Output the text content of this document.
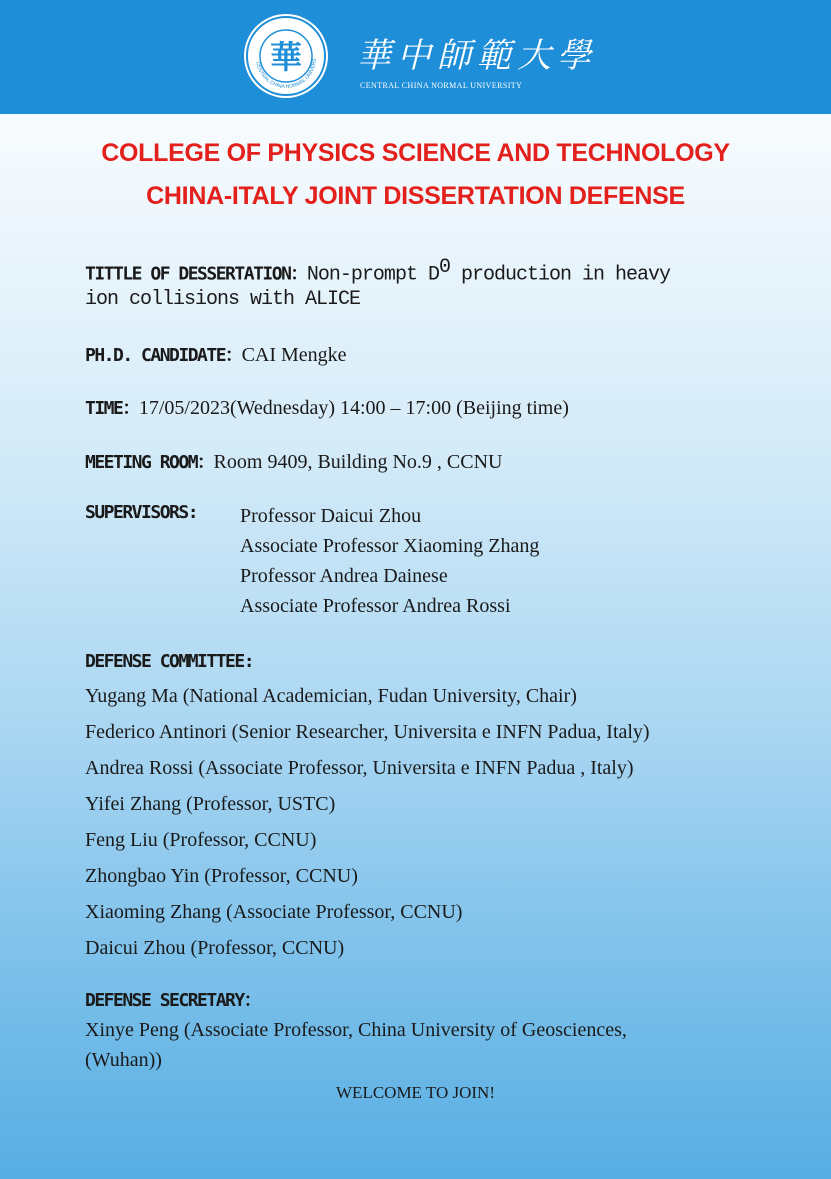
華
CENTRAL CHINA NORMAL UNIVERS 華中師範大學
CENTRAL CHINA NORMAL UNIVERSITY
COLLEGE OF PHYSICS SCIENCE AND TECHNOLOGY
CHINA-ITALY JOINT DISSERTATION DEFENSE
TITTLE OF DESSERTATION：Non-prompt $D^0$ production in heavy
ion collisions with ALICE
PH.D. CANDIDATE：CAI Mengke
TIME：17/05/2023(Wednesday) 14:00 – 17:00 (Beijing time)
MEETING ROOM：Room 9409, Building No.9 , CCNU
SUPERVISORS: Professor Daicui Zhou
Associate Professor Xiaoming Zhang
Professor Andrea Dainese
Associate Professor Andrea Rossi
DEFENSE COMMITTEE:
Yugang Ma (National Academician, Fudan University, Chair)
Federico Antinori (Senior Researcher, Universita e INFN Padua, Italy)
Andrea Rossi (Associate Professor, Universita e INFN Padua , Italy)
Yifei Zhang (Professor, USTC)
Feng Liu (Professor, CCNU)
Zhongbao Yin (Professor, CCNU)
Xiaoming Zhang (Associate Professor, CCNU)
Daicui Zhou (Professor, CCNU)
DEFENSE SECRETARY：
Xinye Peng (Associate Professor, China University of Geosciences,
(Wuhan))
WELCOME TO JOIN!
